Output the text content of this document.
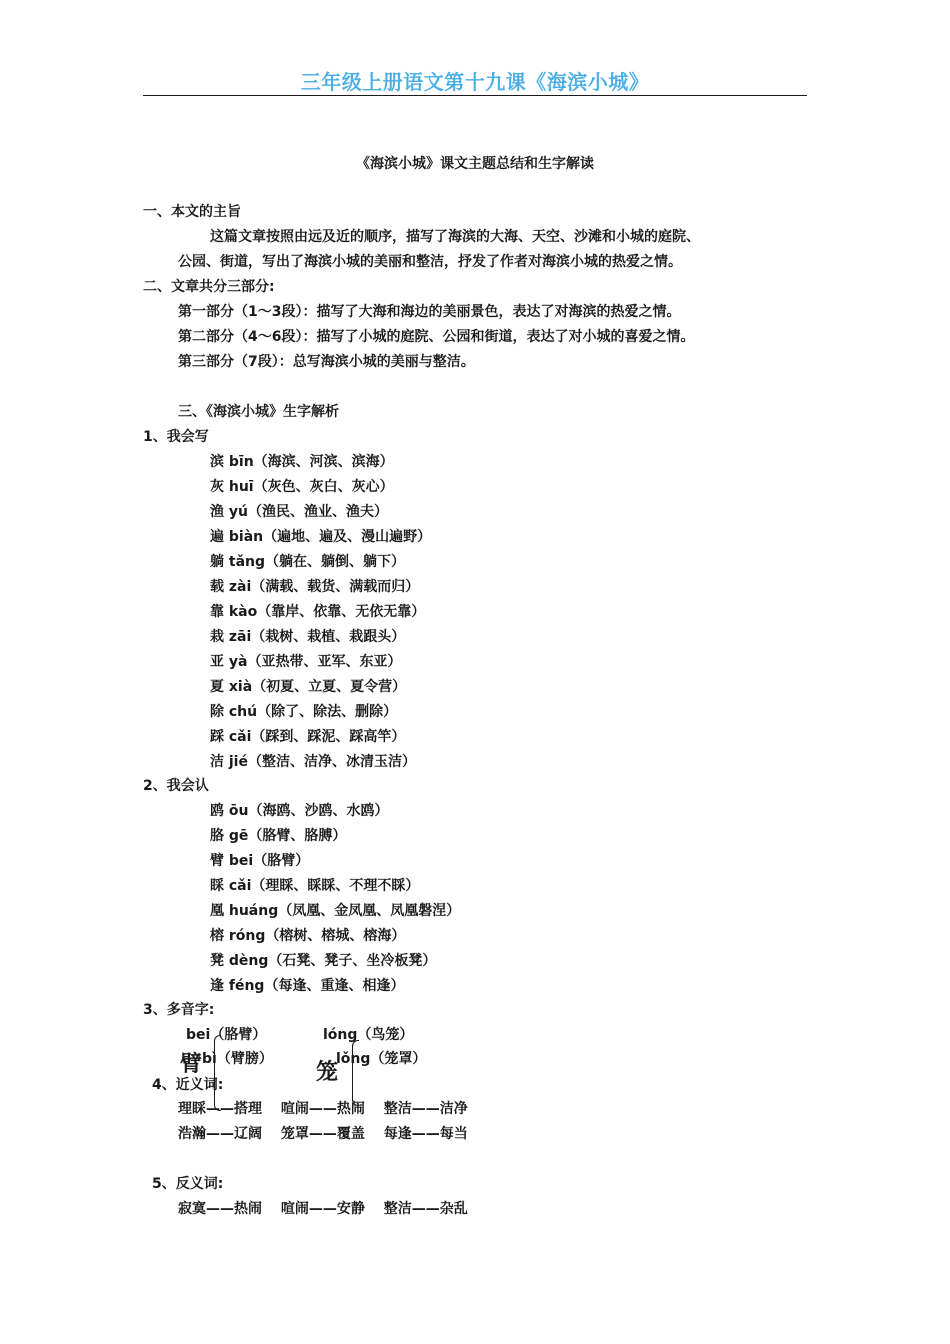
三年级上册语文第十九课《海滨小城》
《海滨小城》课文主题总结和生字解读
一、本文的主旨
这篇文章按照由远及近的顺序，描写了海滨的大海、天空、沙滩和小城的庭院、
公园、街道，写出了海滨小城的美丽和整洁，抒发了作者对海滨小城的热爱之情。
二、文章共分三部分:
第一部分（1～3段）：描写了大海和海边的美丽景色，表达了对海滨的热爱之情。
第二部分（4～6段）：描写了小城的庭院、公园和街道，表达了对小城的喜爱之情。
第三部分（7段）：总写海滨小城的美丽与整洁。
三、《海滨小城》生字解析
1、我会写
滨 bīn（海滨、河滨、滨海）
灰 huī（灰色、灰白、灰心）
渔 yú（渔民、渔业、渔夫）
遍 biàn（遍地、遍及、漫山遍野）
躺 tǎng（躺在、躺倒、躺下）
载 zài（满载、载货、满载而归）
靠 kào（靠岸、依靠、无依无靠）
栽 zāi（栽树、栽植、栽跟头）
亚 yà（亚热带、亚军、东亚）
夏 xià（初夏、立夏、夏令营）
除 chú（除了、除法、删除）
踩 cǎi（踩到、踩泥、踩高竿）
洁 jié（整洁、洁净、冰清玉洁）
2、我会认
鸥 ōu（海鸥、沙鸥、水鸥）
胳 gē（胳臂、胳膊）
臂 bei（胳臂）
睬 cǎi（理睬、睬睬、不理不睬）
凰 huáng（凤凰、金凤凰、凤凰磐涅）
榕 róng（榕树、榕城、榕海）
凳 dèng（石凳、凳子、坐冷板凳）
逢 féng（每逢、重逢、相逢）
3、多音字:
臂
bei（胳臂）
bì（臂膀）
笼
lóng（鸟笼）
lǒng（笼罩）
4、近义词:
理睬——搭理　 喧闹——热闹　 整洁——洁净
浩瀚——辽阔　 笼罩——覆盖　 每逢——每当
5、反义词:
寂寞——热闹　 喧闹——安静　 整洁——杂乱
